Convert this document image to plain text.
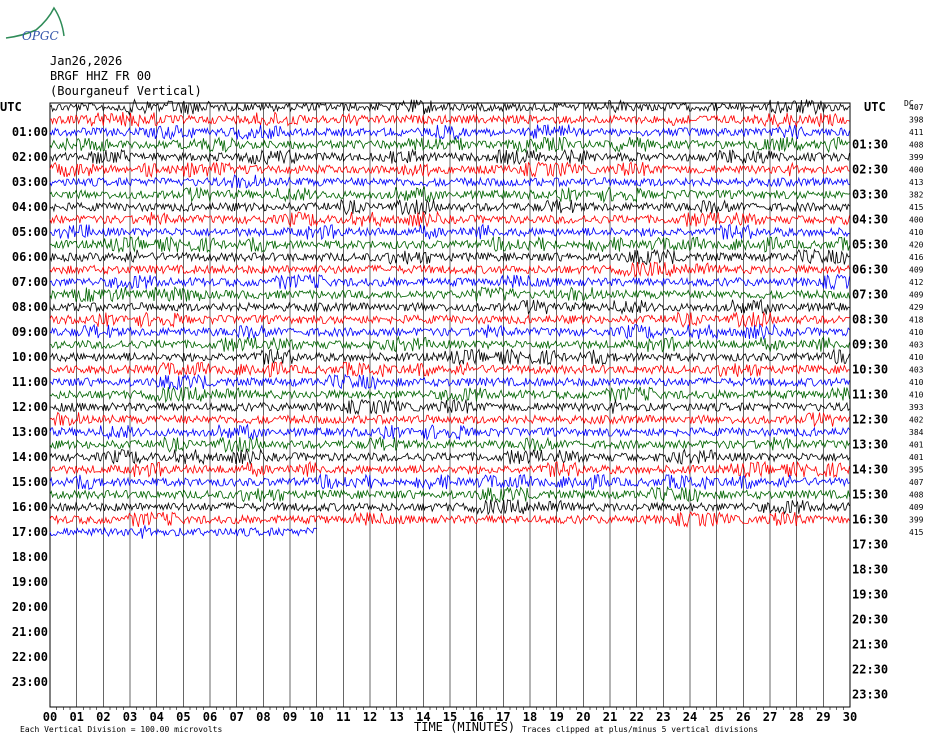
OPGC
Jan26,2026
BRGF HHZ FR 00
(Bourganeuf Vertical)
00 01 02 03 04 05 06 07 08 09 10 11 12 13 14 15 16 17 18 19 20 21 22 23 24 25 26 27 28 29 30
01:00
02:00
03:00
04:00
05:00
06:00
07:00
08:00
09:00
10:00
11:00
12:00
13:00
14:00
15:00
16:00
17:00
18:00
19:00
20:00
21:00
22:00
23:00
01:30
02:30
03:30
04:30
05:30
06:30
07:30
08:30
09:30
10:30
11:30
12:30
13:30
14:30
15:30
16:30
17:30
18:30
19:30
20:30
21:30
22:30
23:30
407
398
411
408
399
400
413
382
415
400
410
420
416
409
412
409
429
418
410
403
410
403
410
410
393
402
384
401
401
395
407
408
409
399
415
UTC	UTC DC
TIME (MINUTES)
Each Vertical Division = 100.00 microvolts	Traces clipped at plus/minus 5 vertical divisions
